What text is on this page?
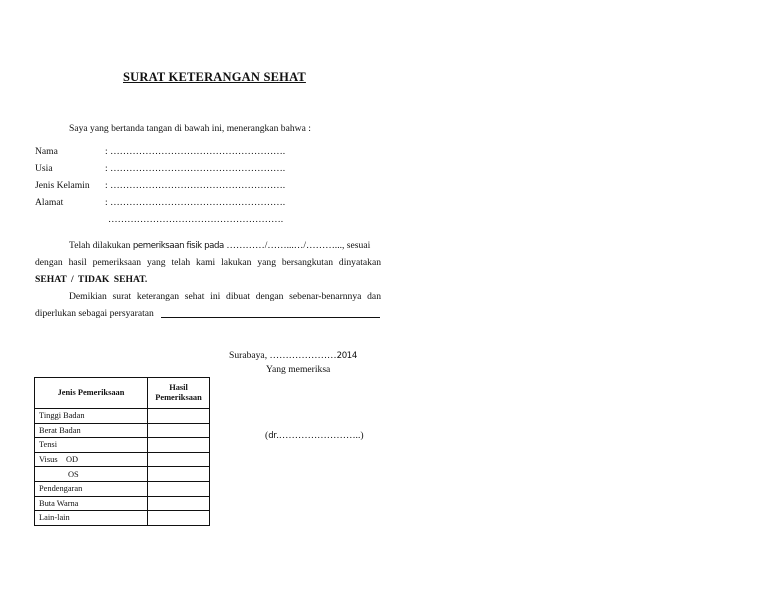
SURAT KETERANGAN SEHAT
Saya yang bertanda tangan di bawah ini, menerangkan bahwa :
Nama	: ……………………………………………….
Usia	: ……………………………………………….
Jenis Kelamin : ……………………………………………….
Alamat	: ……………………………………………….
……………………………………………….
Telah dilakukan pemeriksaan fisik pada …………/……...…/………..., sesuai
dengan hasil pemeriksaan yang telah kami lakukan yang bersangkutan dinyatakan
SEHAT / TIDAK SEHAT.
Demikian surat keterangan sehat ini dibuat dengan sebenar-benarnnya dan
diperlukan sebagai persyaratan
Surabaya, …………………2014
Yang memeriksa
(dr.……………………..)
Jenis Pemeriksaan	Hasil Pemeriksaan
Tinggi Badan	
Berat Badan	
Tensi	
Visus    OD	
OS	
Pendengaran	
Buta Warna	
Lain-lain	
